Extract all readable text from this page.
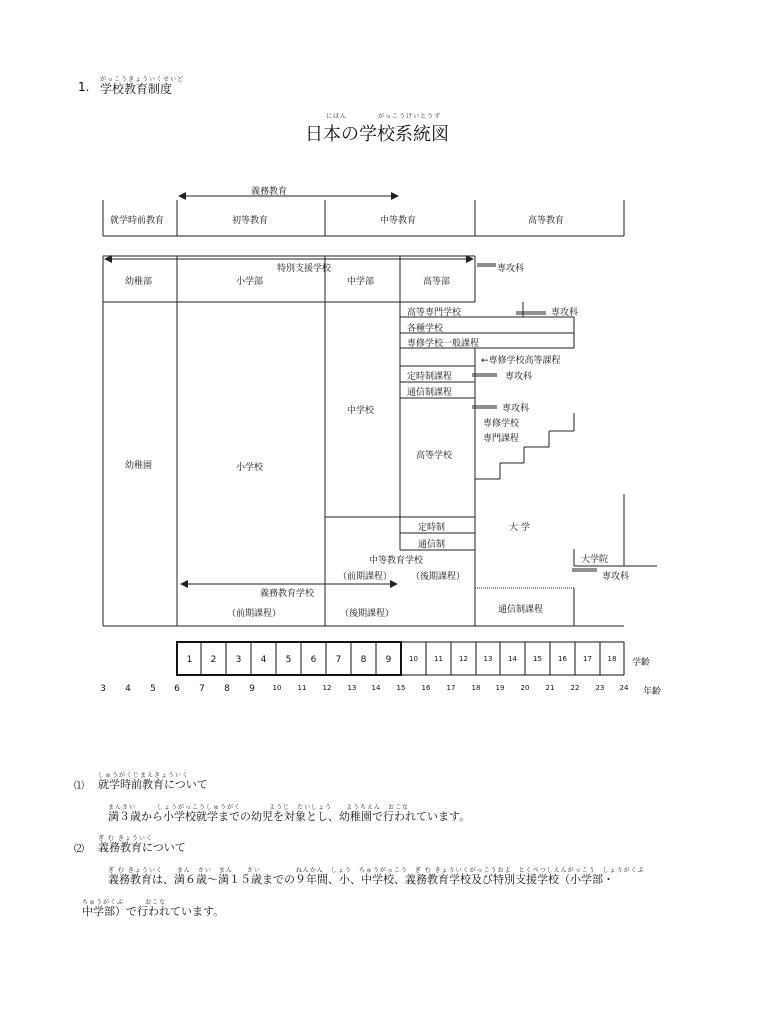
がっこうきょういくせいど
1. 学校教育制度
にほん	がっこうけいとうず
日本の学校系統図
義務教育
就学時前教育	初等教育	中等教育	高等教育
特別支援学校
幼稚部	小学部	中学部	高等部
専攻科
高等専門学校	専攻科
各種学校
専修学校一般課程
←専修学校高等課程
定時制課程	専攻科
通信制課程
専攻科
専修学校
専門課程
幼稚園	小学校
中学校
高等学校
大 学
定時制
通信制
中等教育学校
（前期課程） （後期課程）
義務教育学校
（前期課程）	（後期課程）
大学院
専攻科
通信制課程
1	2	3	4	5	6	7	8	9	10	11	12	13	14	15	16	17	18	学齢
3	4	5	6	7	8	9	10	11	12	13	14	15	16	17	18	19	20	21	22	23	24	年齢
しゅうがくじまえきょういく
⑴ 就学時前教育について
まんさい　　　しょうがっこうしゅうがく　　　　ようじ　たいしょう　　ようちえん　おこな
満３歳から小学校就学までの幼児を対象とし、幼稚園で行われています。
ぎ む きょういく
⑵ 義務教育について
ぎ む きょういく　　まん　さい　まん　　さい　　　　　ねんかん　しょう　ちゅうがっこう　ぎ む きょういくがっこうおよ　とくべつしえんがっこう　しょうがくぶ
義務教育は、満６歳～満１５歳までの９年間、小、中学校、義務教育学校及び特別支援学校（小学部・
ちゅうがくぶ　　　おこな
中学部）で行われています。
